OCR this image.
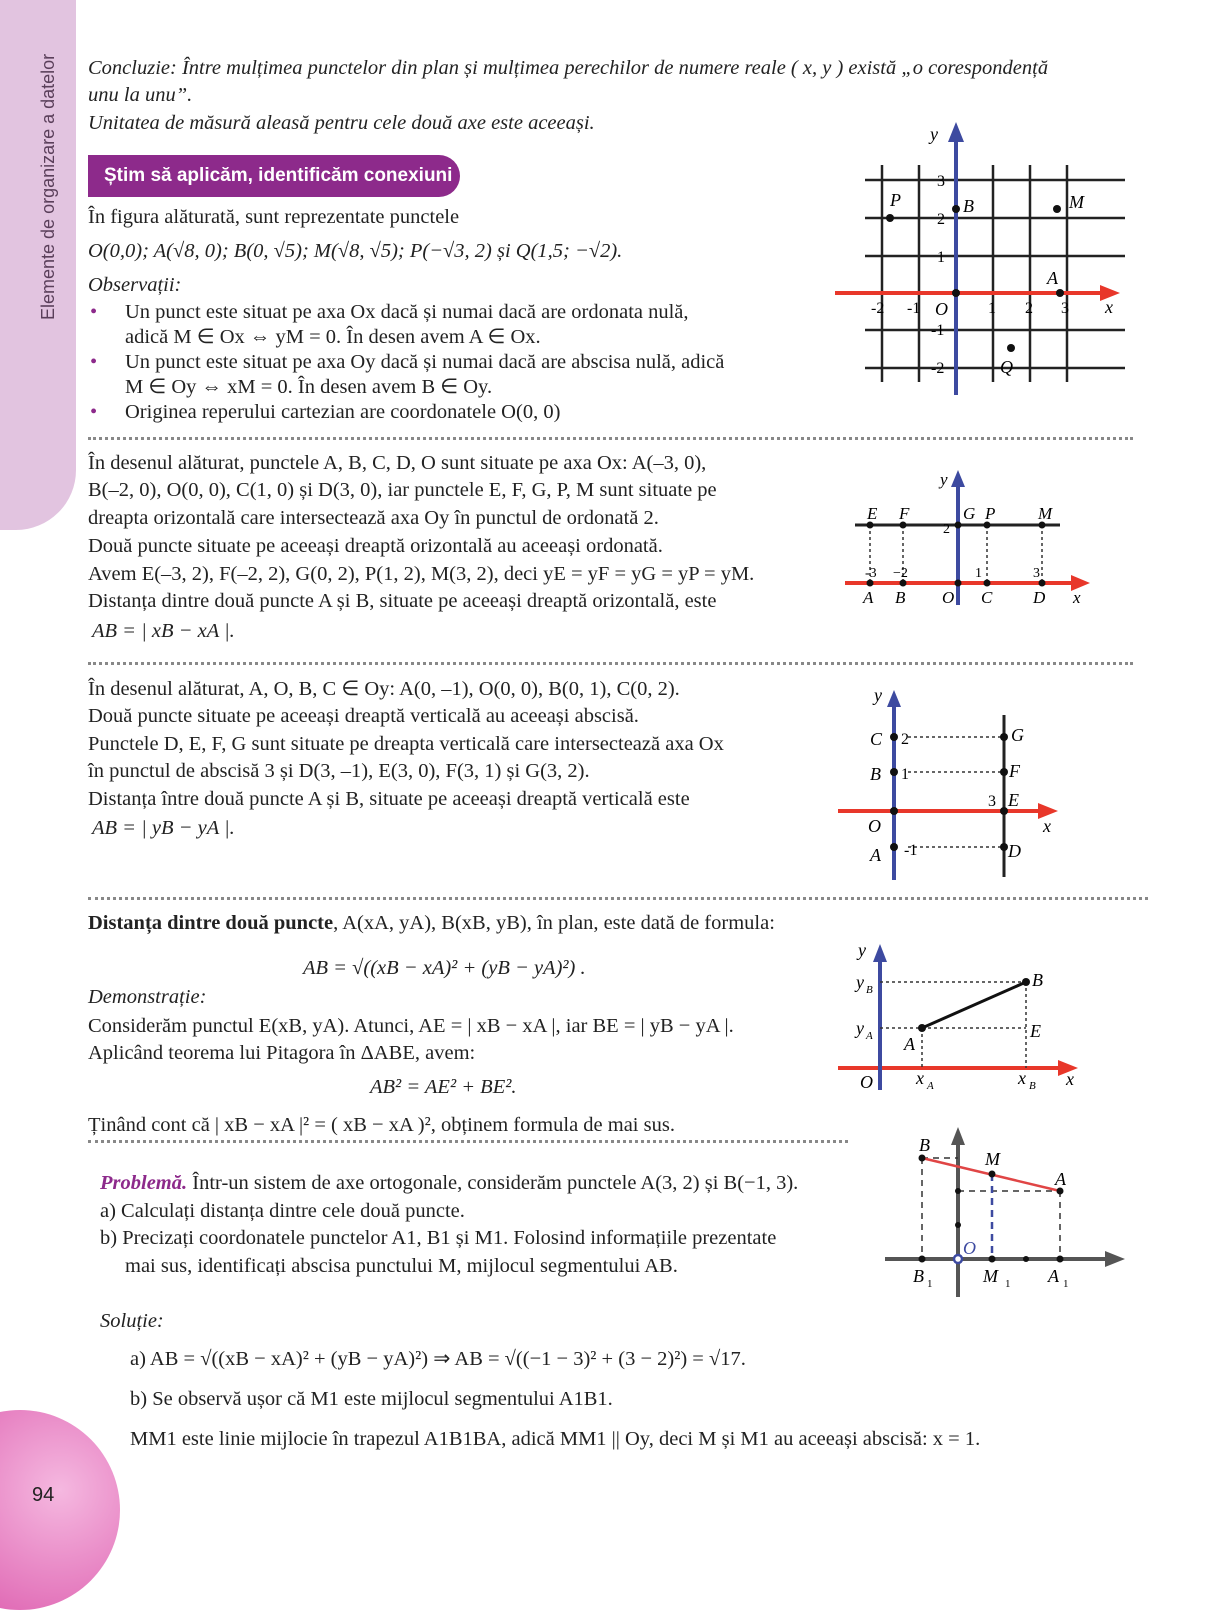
Elemente de organizare a datelor
94
Concluzie: Între mulțimea punctelor din plan și mulțimea perechilor de numere reale ( x, y ) există „o corespondență
unu la unu”.
Unitatea de măsură aleasă pentru cele două axe este aceeași.
Știm să aplicăm, identificăm conexiuni
În figura alăturată, sunt reprezentate punctele
O(0,0); A(√8, 0); B(0, √5); M(√8, √5); P(−√3, 2) și Q(1,5; −√2).
Observații:
• Un punct este situat pe axa Ox dacă și numai dacă are ordonata nulă,
adică M ∈ Ox ⇔ yM = 0. În desen avem A ∈ Ox.
• Un punct este situat pe axa Oy dacă și numai dacă are abscisa nulă, adică
M ∈ Oy ⇔ xM = 0. În desen avem B ∈ Oy.
• Originea reperului cartezian are coordonatele O(0, 0)
y
x
P	B	M
A
O
Q
3
2
1
-2 -1	1 2 3
-1
-2
În desenul alăturat, punctele A, B, C, D, O sunt situate pe axa Ox: A(–3, 0),
B(–2, 0), O(0, 0), C(1, 0) și D(3, 0), iar punctele E, F, G, P, M sunt situate pe
dreapta orizontală care intersectează axa Oy în punctul de ordonată 2.
Două puncte situate pe aceeași dreaptă orizontală au aceeași ordonată.
Avem E(–3, 2), F(–2, 2), G(0, 2), P(1, 2), M(3, 2), deci yE = yF = yG = yP = yM.
Distanța dintre două puncte A și B, situate pe aceeași dreaptă orizontală, este
AB = | xB − xA |.
y
x
E F	G P	M
A B O C D
2
-3 −2	1	3
În desenul alăturat, A, O, B, C ∈ Oy: A(0, –1), O(0, 0), B(0, 1), C(0, 2).
Două puncte situate pe aceeași dreaptă verticală au aceeași abscisă.
Punctele D, E, F, G sunt situate pe dreapta verticală care intersectează axa Ox
în punctul de abscisă 3 și D(3, –1), E(3, 0), F(3, 1) și G(3, 2).
Distanța între două puncte A și B, situate pe aceeași dreaptă verticală este
AB = | yB − yA |.
y
x
C
B
O
A
G
F
E
D
2
1
-1
3
Distanța dintre două puncte, A(xA, yA), B(xB, yB), în plan, este dată de formula:
AB = √((xB − xA)² + (yB − yA)²) .
Demonstrație:
Considerăm punctul E(xB, yA). Atunci, AE = | xB − xA |, iar BE = | yB − yA |.
Aplicând teorema lui Pitagora în ΔABE, avem:
AB² = AE² + BE².
Ținând cont că | xB − xA |² = ( xB − xA )², obținem formula de mai sus.
y
x
B
A
E
O
y
y
x	x
B
A
A	B
Problemă. Într-un sistem de axe ortogonale, considerăm punctele A(3, 2) și B(−1, 3).
a) Calculați distanța dintre cele două puncte.
b) Precizați coordonatele punctelor A1, B1 și M1. Folosind informațiile prezentate
mai sus, identificați abscisa punctului M, mijlocul segmentului AB.
B
M
A
O
B	M	A
1	1	1
Soluție:
a) AB = √((xB − xA)² + (yB − yA)²) ⇒ AB = √((−1 − 3)² + (3 − 2)²) = √17.
b) Se observă ușor că M1 este mijlocul segmentului A1B1.
MM1 este linie mijlocie în trapezul A1B1BA, adică MM1 || Oy, deci M și M1 au aceeași abscisă: x = 1.
